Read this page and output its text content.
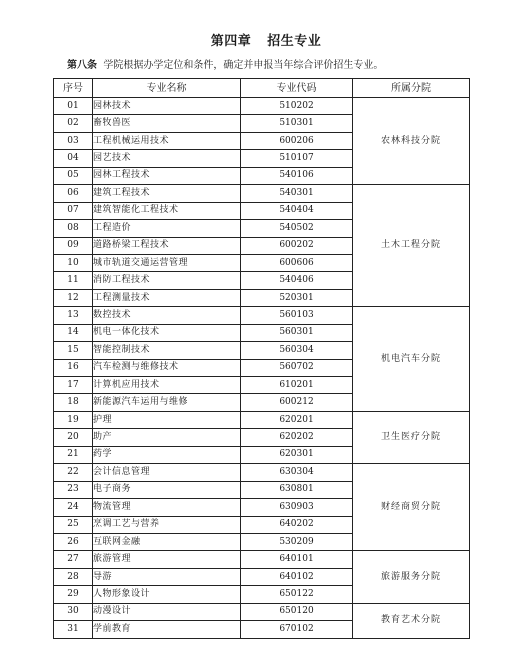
第四章 招生专业

第八条 学院根据办学定位和条件，确定并申报当年综合评价招生专业。

序号	专业名称	专业代码	所属分院
01	园林技术	510202	农林科技分院
02	畜牧兽医	510301	
03	工程机械运用技术	600206	
04	园艺技术	510107	
05	园林工程技术	540106	
06	建筑工程技术	540301	土木工程分院
07	建筑智能化工程技术	540404	
08	工程造价	540502	
09	道路桥梁工程技术	600202	
10	城市轨道交通运营管理	600606	
11	消防工程技术	540406	
12	工程测量技术	520301	
13	数控技术	560103	机电汽车分院
14	机电一体化技术	560301	
15	智能控制技术	560304	
16	汽车检测与维修技术	560702	
17	计算机应用技术	610201	
18	新能源汽车运用与维修	600212	
19	护理	620201	卫生医疗分院
20	助产	620202	
21	药学	620301	
22	会计信息管理	630304	财经商贸分院
23	电子商务	630801	
24	物流管理	630903	
25	烹调工艺与营养	640202	
26	互联网金融	530209	
27	旅游管理	640101	旅游服务分院
28	导游	640102	
29	人物形象设计	650122	
30	动漫设计	650120	教育艺术分院
31	学前教育	670102	
